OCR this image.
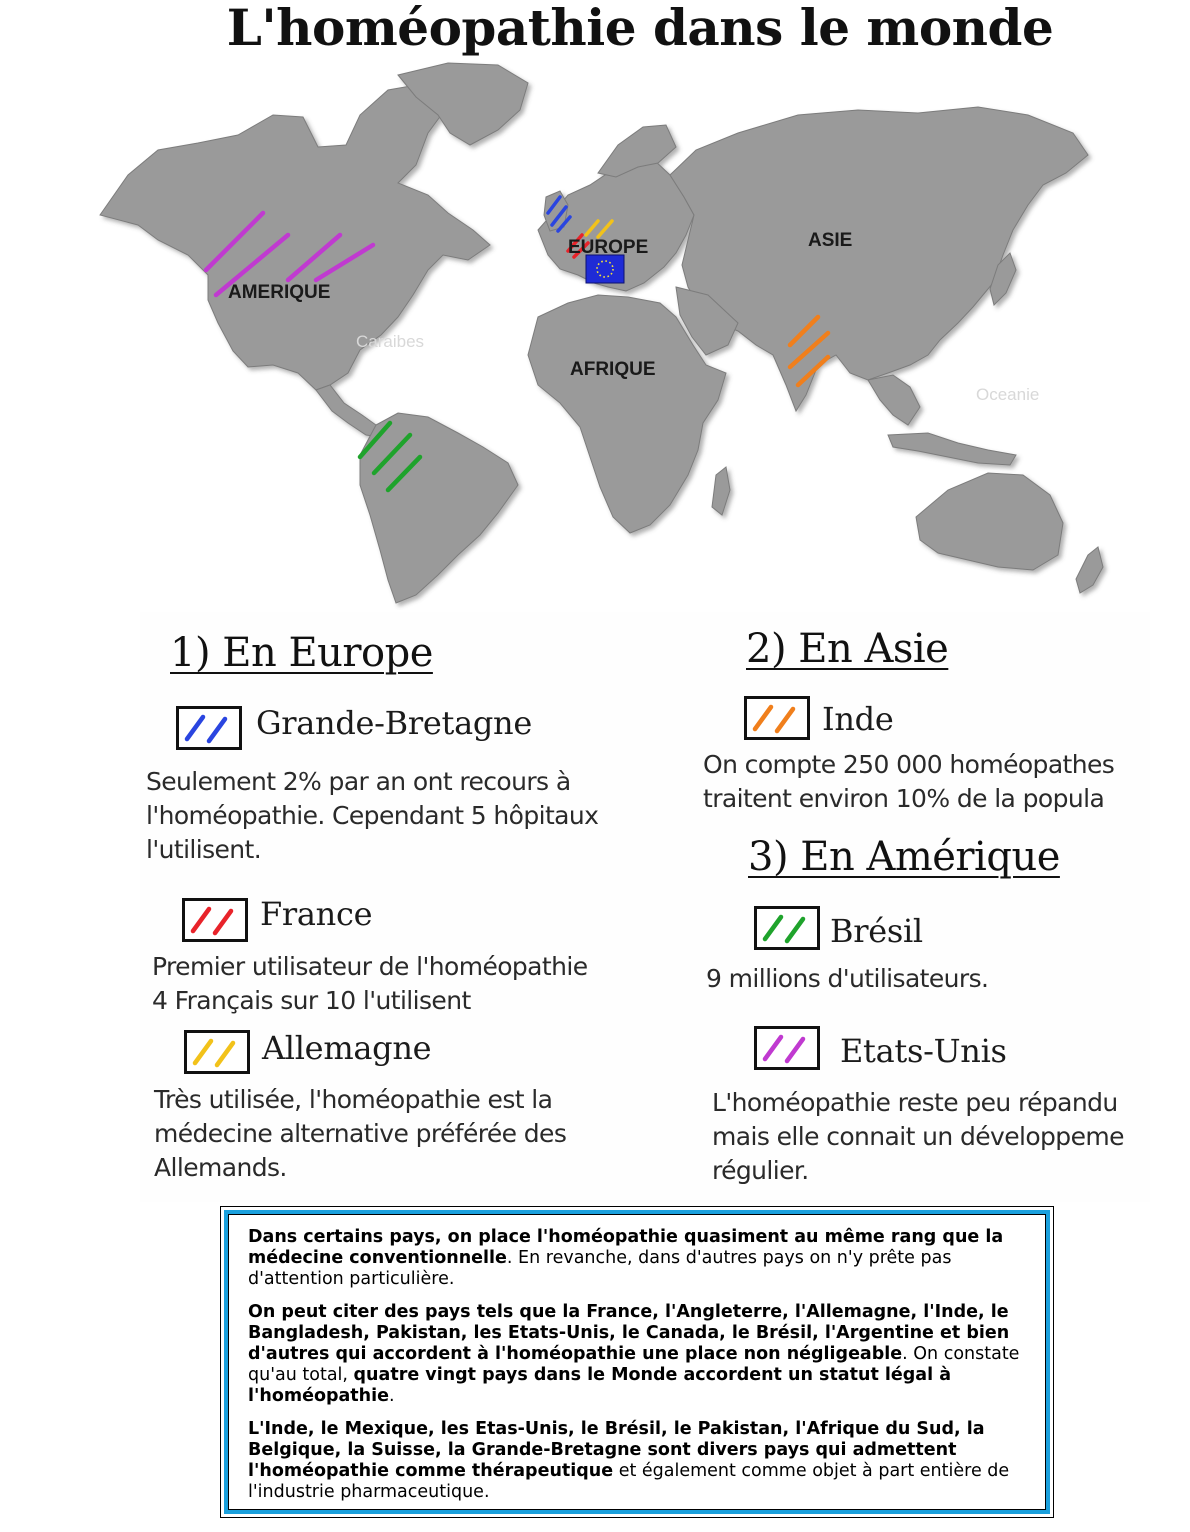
L'homéopathie dans le monde
Caraibes
Oceanie
AMERIQUE
EUROPE	ASIE
AFRIQUE
1) En Europe
Grande-Bretagne
Seulement 2% par an ont recours à
l'homéopathie. Cependant 5 hôpitaux
l'utilisent.
France
Premier utilisateur de l'homéopathie
4 Français sur 10 l'utilisent
Allemagne
Très utilisée, l'homéopathie est la
médecine alternative préférée des
Allemands.
2) En Asie
Inde
On compte 250 000 homéopathes
traitent environ 10% de la popula
3) En Amérique
Brésil
9 millions d'utilisateurs.
Etats-Unis
L'homéopathie reste peu répandu
mais elle connait un développeme
régulier.

Dans certains pays, on place l'homéopathie quasiment au même rang que la médecine conventionnelle. En revanche, dans d'autres pays on n'y prête pas d'attention particulière.

On peut citer des pays tels que la France, l'Angleterre, l'Allemagne, l'Inde, le Bangladesh, Pakistan, les Etats-Unis, le Canada, le Brésil, l'Argentine et bien d'autres qui accordent à l'homéopathie une place non négligeable. On constate qu'au total, quatre vingt pays dans le Monde accordent un statut légal à l'homéopathie.

L'Inde, le Mexique, les Etas-Unis, le Brésil, le Pakistan, l'Afrique du Sud, la Belgique, la Suisse, la Grande-Bretagne sont divers pays qui admettent l'homéopathie comme thérapeutique et également comme objet à part entière de l'industrie pharmaceutique.
